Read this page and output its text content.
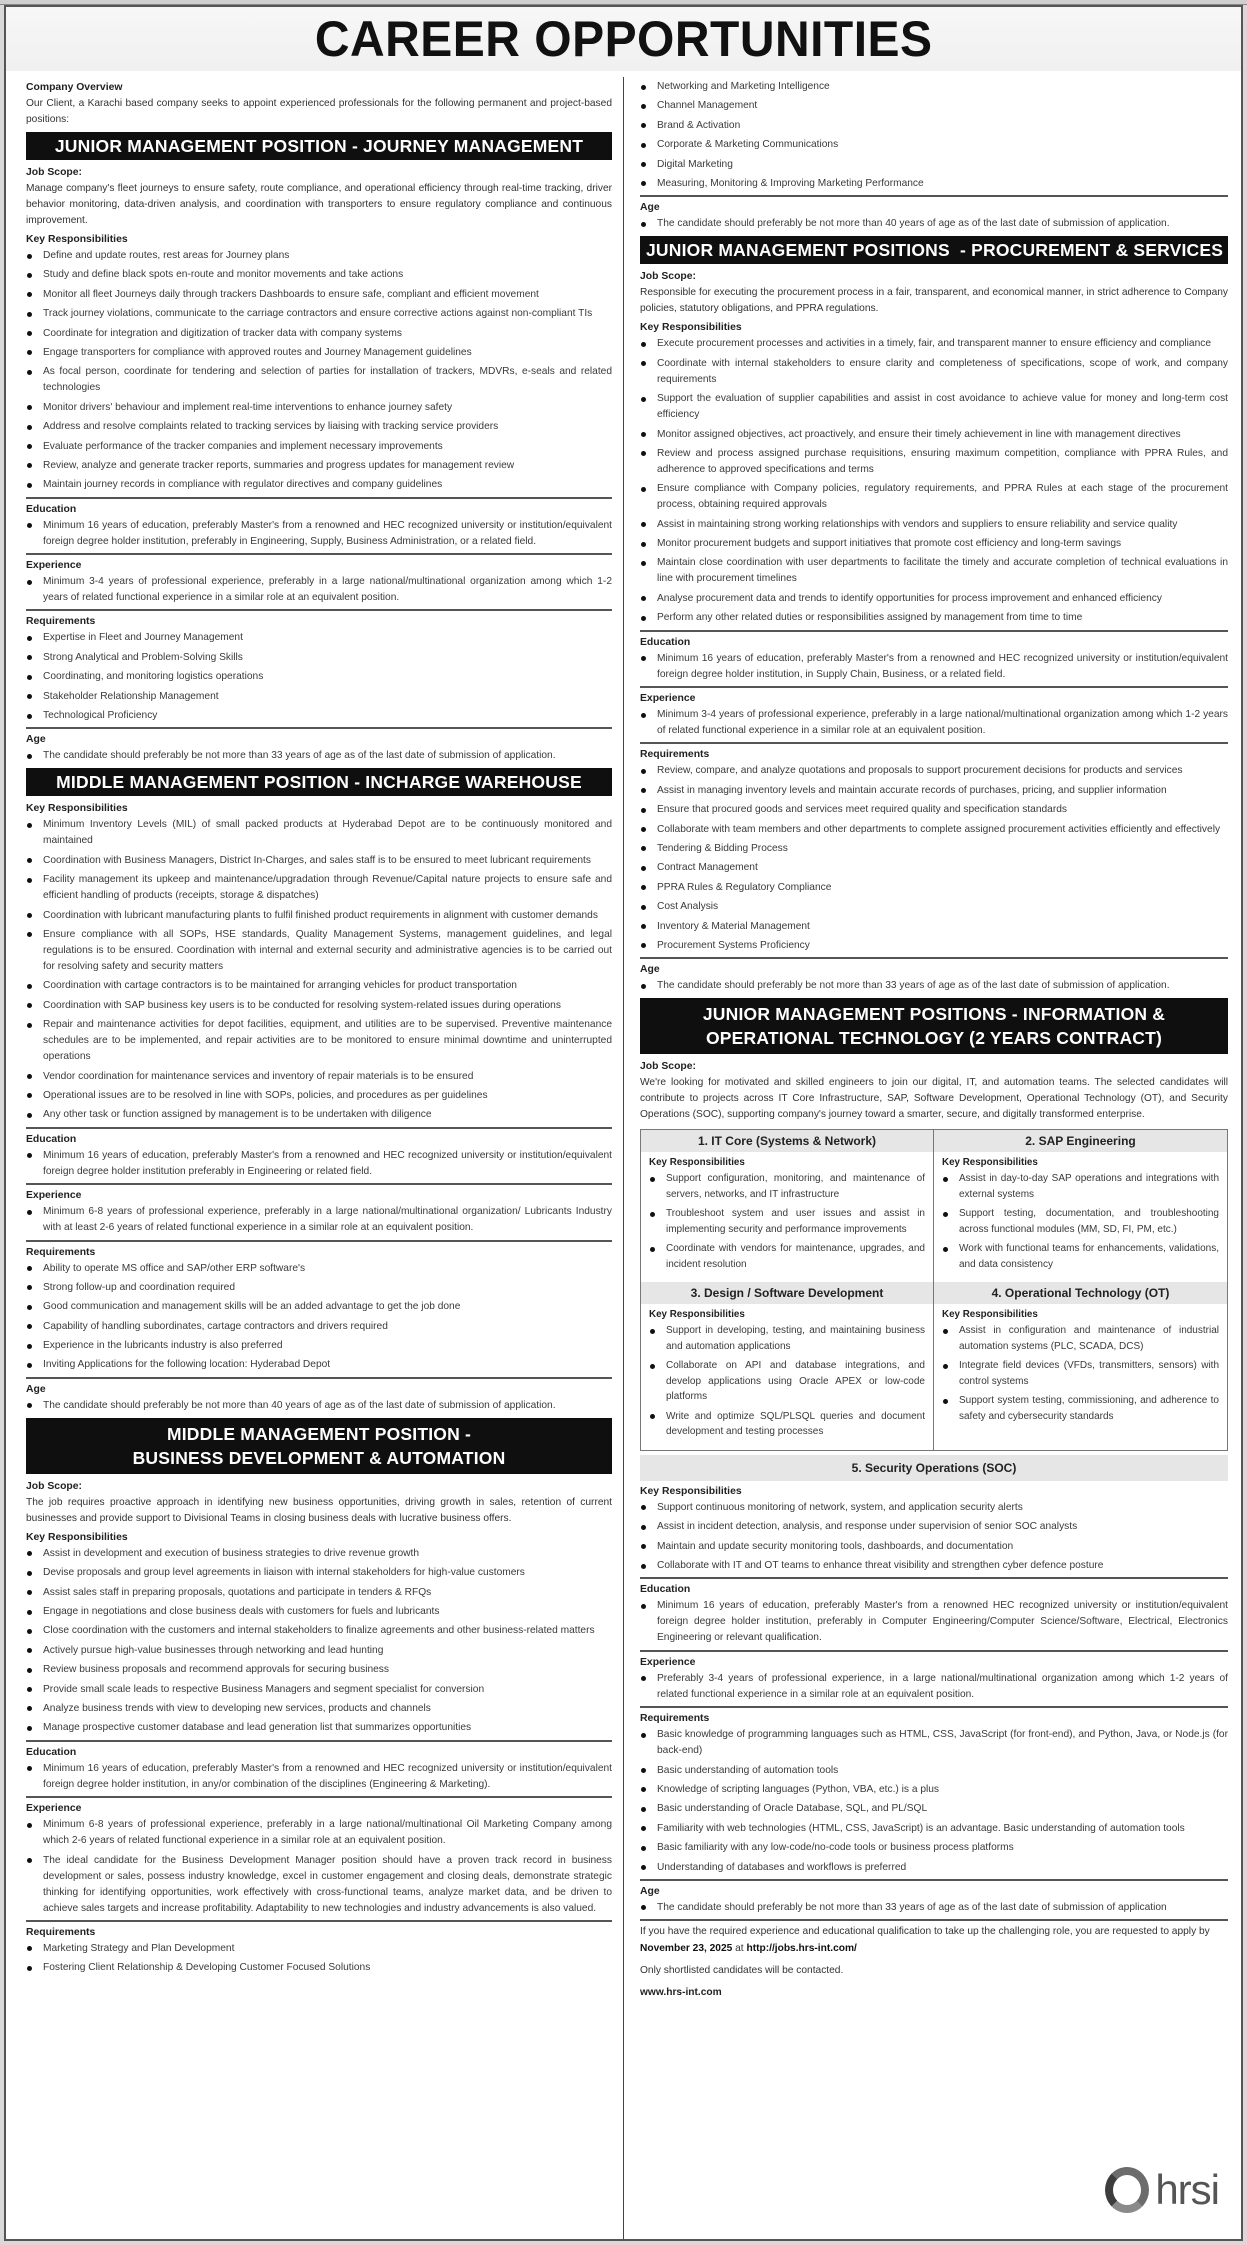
CAREER OPPORTUNITIES
Company Overview
Our Client, a Karachi based company seeks to appoint experienced professionals for the following permanent and project-based positions:
JUNIOR MANAGEMENT POSITION - JOURNEY MANAGEMENT
Job Scope:
Manage company's fleet journeys to ensure safety, route compliance, and operational efficiency through real-time tracking, driver behavior monitoring, data-driven analysis, and coordination with transporters to ensure regulatory compliance and continuous improvement.
Key Responsibilities
Define and update routes, rest areas for Journey plans
Study and define black spots en-route and monitor movements and take actions
Monitor all fleet Journeys daily through trackers Dashboards to ensure safe, compliant and efficient movement
Track journey violations, communicate to the carriage contractors and ensure corrective actions against non-compliant TIs
Coordinate for integration and digitization of tracker data with company systems
Engage transporters for compliance with approved routes and Journey Management guidelines
As focal person, coordinate for tendering and selection of parties for installation of trackers, MDVRs, e-seals and related technologies
Monitor drivers' behaviour and implement real-time interventions to enhance journey safety
Address and resolve complaints related to tracking services by liaising with tracking service providers
Evaluate performance of the tracker companies and implement necessary improvements
Review, analyze and generate tracker reports, summaries and progress updates for management review
Maintain journey records in compliance with regulator directives and company guidelines
Education
Minimum 16 years of education, preferably Master's from a renowned and HEC recognized university or institution/equivalent foreign degree holder institution, preferably in Engineering, Supply, Business Administration, or a related field.
Experience
Minimum 3-4 years of professional experience, preferably in a large national/multinational organization among which 1-2 years of related functional experience in a similar role at an equivalent position.
Requirements
Expertise in Fleet and Journey Management
Strong Analytical and Problem-Solving Skills
Coordinating, and monitoring logistics operations
Stakeholder Relationship Management
Technological Proficiency
Age
The candidate should preferably be not more than 33 years of age as of the last date of submission of application.
MIDDLE MANAGEMENT POSITION - INCHARGE WAREHOUSE
Key Responsibilities
Minimum Inventory Levels (MIL) of small packed products at Hyderabad Depot are to be continuously monitored and maintained
Coordination with Business Managers, District In-Charges, and sales staff is to be ensured to meet lubricant requirements
Facility management its upkeep and maintenance/upgradation through Revenue/Capital nature projects to ensure safe and efficient handling of products (receipts, storage & dispatches)
Coordination with lubricant manufacturing plants to fulfil finished product requirements in alignment with customer demands
Ensure compliance with all SOPs, HSE standards, Quality Management Systems, management guidelines, and legal regulations is to be ensured. Coordination with internal and external security and administrative agencies is to be carried out for resolving safety and security matters
Coordination with cartage contractors is to be maintained for arranging vehicles for product transportation
Coordination with SAP business key users is to be conducted for resolving system-related issues during operations
Repair and maintenance activities for depot facilities, equipment, and utilities are to be supervised. Preventive maintenance schedules are to be implemented, and repair activities are to be monitored to ensure minimal downtime and uninterrupted operations
Vendor coordination for maintenance services and inventory of repair materials is to be ensured
Operational issues are to be resolved in line with SOPs, policies, and procedures as per guidelines
Any other task or function assigned by management is to be undertaken with diligence
Education
Minimum 16 years of education, preferably Master's from a renowned and HEC recognized university or institution/equivalent foreign degree holder institution preferably in Engineering or related field.
Experience
Minimum 6-8 years of professional experience, preferably in a large national/multinational organization/ Lubricants Industry with at least 2-6 years of related functional experience in a similar role at an equivalent position.
Requirements
Ability to operate MS office and SAP/other ERP software's
Strong follow-up and coordination required
Good communication and management skills will be an added advantage to get the job done
Capability of handling subordinates, cartage contractors and drivers required
Experience in the lubricants industry is also preferred
Inviting Applications for the following location: Hyderabad Depot
Age
The candidate should preferably be not more than 40 years of age as of the last date of submission of application.
MIDDLE MANAGEMENT POSITION -
BUSINESS DEVELOPMENT & AUTOMATION
Job Scope:
The job requires proactive approach in identifying new business opportunities, driving growth in sales, retention of current businesses and provide support to Divisional Teams in closing business deals with lucrative business offers.
Key Responsibilities
Assist in development and execution of business strategies to drive revenue growth
Devise proposals and group level agreements in liaison with internal stakeholders for high-value customers
Assist sales staff in preparing proposals, quotations and participate in tenders & RFQs
Engage in negotiations and close business deals with customers for fuels and lubricants
Close coordination with the customers and internal stakeholders to finalize agreements and other business-related matters
Actively pursue high-value businesses through networking and lead hunting
Review business proposals and recommend approvals for securing business
Provide small scale leads to respective Business Managers and segment specialist for conversion
Analyze business trends with view to developing new services, products and channels
Manage prospective customer database and lead generation list that summarizes opportunities
Education
Minimum 16 years of education, preferably Master's from a renowned and HEC recognized university or institution/equivalent foreign degree holder institution, in any/or combination of the disciplines (Engineering & Marketing).
Experience
Minimum 6-8 years of professional experience, preferably in a large national/multinational Oil Marketing Company among which 2-6 years of related functional experience in a similar role at an equivalent position.
The ideal candidate for the Business Development Manager position should have a proven track record in business development or sales, possess industry knowledge, excel in customer engagement and closing deals, demonstrate strategic thinking for identifying opportunities, work effectively with cross-functional teams, analyze market data, and be driven to achieve sales targets and increase profitability. Adaptability to new technologies and industry advancements is also valued.
Requirements
Marketing Strategy and Plan Development
Fostering Client Relationship & Developing Customer Focused Solutions
Networking and Marketing Intelligence
Channel Management
Brand & Activation
Corporate & Marketing Communications
Digital Marketing
Measuring, Monitoring & Improving Marketing Performance
Age
The candidate should preferably be not more than 40 years of age as of the last date of submission of application.
JUNIOR MANAGEMENT POSITIONS  - PROCUREMENT & SERVICES
Job Scope:
Responsible for executing the procurement process in a fair, transparent, and economical manner, in strict adherence to Company policies, statutory obligations, and PPRA regulations.
Key Responsibilities
Execute procurement processes and activities in a timely, fair, and transparent manner to ensure efficiency and compliance
Coordinate with internal stakeholders to ensure clarity and completeness of specifications, scope of work, and company requirements
Support the evaluation of supplier capabilities and assist in cost avoidance to achieve value for money and long-term cost efficiency
Monitor assigned objectives, act proactively, and ensure their timely achievement in line with management directives
Review and process assigned purchase requisitions, ensuring maximum competition, compliance with PPRA Rules, and adherence to approved specifications and terms
Ensure compliance with Company policies, regulatory requirements, and PPRA Rules at each stage of the procurement process, obtaining required approvals
Assist in maintaining strong working relationships with vendors and suppliers to ensure reliability and service quality
Monitor procurement budgets and support initiatives that promote cost efficiency and long-term savings
Maintain close coordination with user departments to facilitate the timely and accurate completion of technical evaluations in line with procurement timelines
Analyse procurement data and trends to identify opportunities for process improvement and enhanced efficiency
Perform any other related duties or responsibilities assigned by management from time to time
Education
Minimum 16 years of education, preferably Master's from a renowned and HEC recognized university or institution/equivalent foreign degree holder institution, in Supply Chain, Business, or a related field.
Experience
Minimum 3-4 years of professional experience, preferably in a large national/multinational organization among which 1-2 years of related functional experience in a similar role at an equivalent position.
Requirements
Review, compare, and analyze quotations and proposals to support procurement decisions for products and services
Assist in managing inventory levels and maintain accurate records of purchases, pricing, and supplier information
Ensure that procured goods and services meet required quality and specification standards
Collaborate with team members and other departments to complete assigned procurement activities efficiently and effectively
Tendering & Bidding Process
Contract Management
PPRA Rules & Regulatory Compliance
Cost Analysis
Inventory & Material Management
Procurement Systems Proficiency
Age
The candidate should preferably be not more than 33 years of age as of the last date of submission of application.
JUNIOR MANAGEMENT POSITIONS - INFORMATION &
OPERATIONAL TECHNOLOGY (2 YEARS CONTRACT)
Job Scope:
We're looking for motivated and skilled engineers to join our digital, IT, and automation teams. The selected candidates will contribute to projects across IT Core Infrastructure, SAP, Software Development, Operational Technology (OT), and Security Operations (SOC), supporting company's journey toward a smarter, secure, and digitally transformed enterprise.
1. IT Core (Systems & Network)
Key Responsibilities
Support configuration, monitoring, and maintenance of servers, networks, and IT infrastructure
Troubleshoot system and user issues and assist in implementing security and performance improvements
Coordinate with vendors for maintenance, upgrades, and incident resolution
2. SAP Engineering
Key Responsibilities
Assist in day-to-day SAP operations and integrations with external systems
Support testing, documentation, and troubleshooting across functional modules (MM, SD, FI, PM, etc.)
Work with functional teams for enhancements, validations, and data consistency
3. Design / Software Development
Key Responsibilities
Support in developing, testing, and maintaining business and automation applications
Collaborate on API and database integrations, and develop applications using Oracle APEX or low-code platforms
Write and optimize SQL/PLSQL queries and document development and testing processes
4. Operational Technology (OT)
Key Responsibilities
Assist in configuration and maintenance of industrial automation systems (PLC, SCADA, DCS)
Integrate field devices (VFDs, transmitters, sensors) with control systems
Support system testing, commissioning, and adherence to safety and cybersecurity standards
5. Security Operations (SOC)
Key Responsibilities
Support continuous monitoring of network, system, and application security alerts
Assist in incident detection, analysis, and response under supervision of senior SOC analysts
Maintain and update security monitoring tools, dashboards, and documentation
Collaborate with IT and OT teams to enhance threat visibility and strengthen cyber defence posture
Education
Minimum 16 years of education, preferably Master's from a renowned HEC recognized university or institution/equivalent foreign degree holder institution, preferably in Computer Engineering/Computer Science/Software, Electrical, Electronics Engineering or relevant qualification.
Experience
Preferably 3-4 years of professional experience, in a large national/multinational organization among which 1-2 years of related functional experience in a similar role at an equivalent position.
Requirements
Basic knowledge of programming languages such as HTML, CSS, JavaScript (for front-end), and Python, Java, or Node.js (for back-end)
Basic understanding of automation tools
Knowledge of scripting languages (Python, VBA, etc.) is a plus
Basic understanding of Oracle Database, SQL, and PL/SQL
Familiarity with web technologies (HTML, CSS, JavaScript) is an advantage. Basic understanding of automation tools
Basic familiarity with any low-code/no-code tools or business process platforms
Understanding of databases and workflows is preferred
Age
The candidate should preferably be not more than 33 years of age as of the last date of submission of application
If you have the required experience and educational qualification to take up the challenging role, you are requested to apply by November 23, 2025 at http://jobs.hrs-int.com/
Only shortlisted candidates will be contacted.
www.hrs-int.com
hrsi
